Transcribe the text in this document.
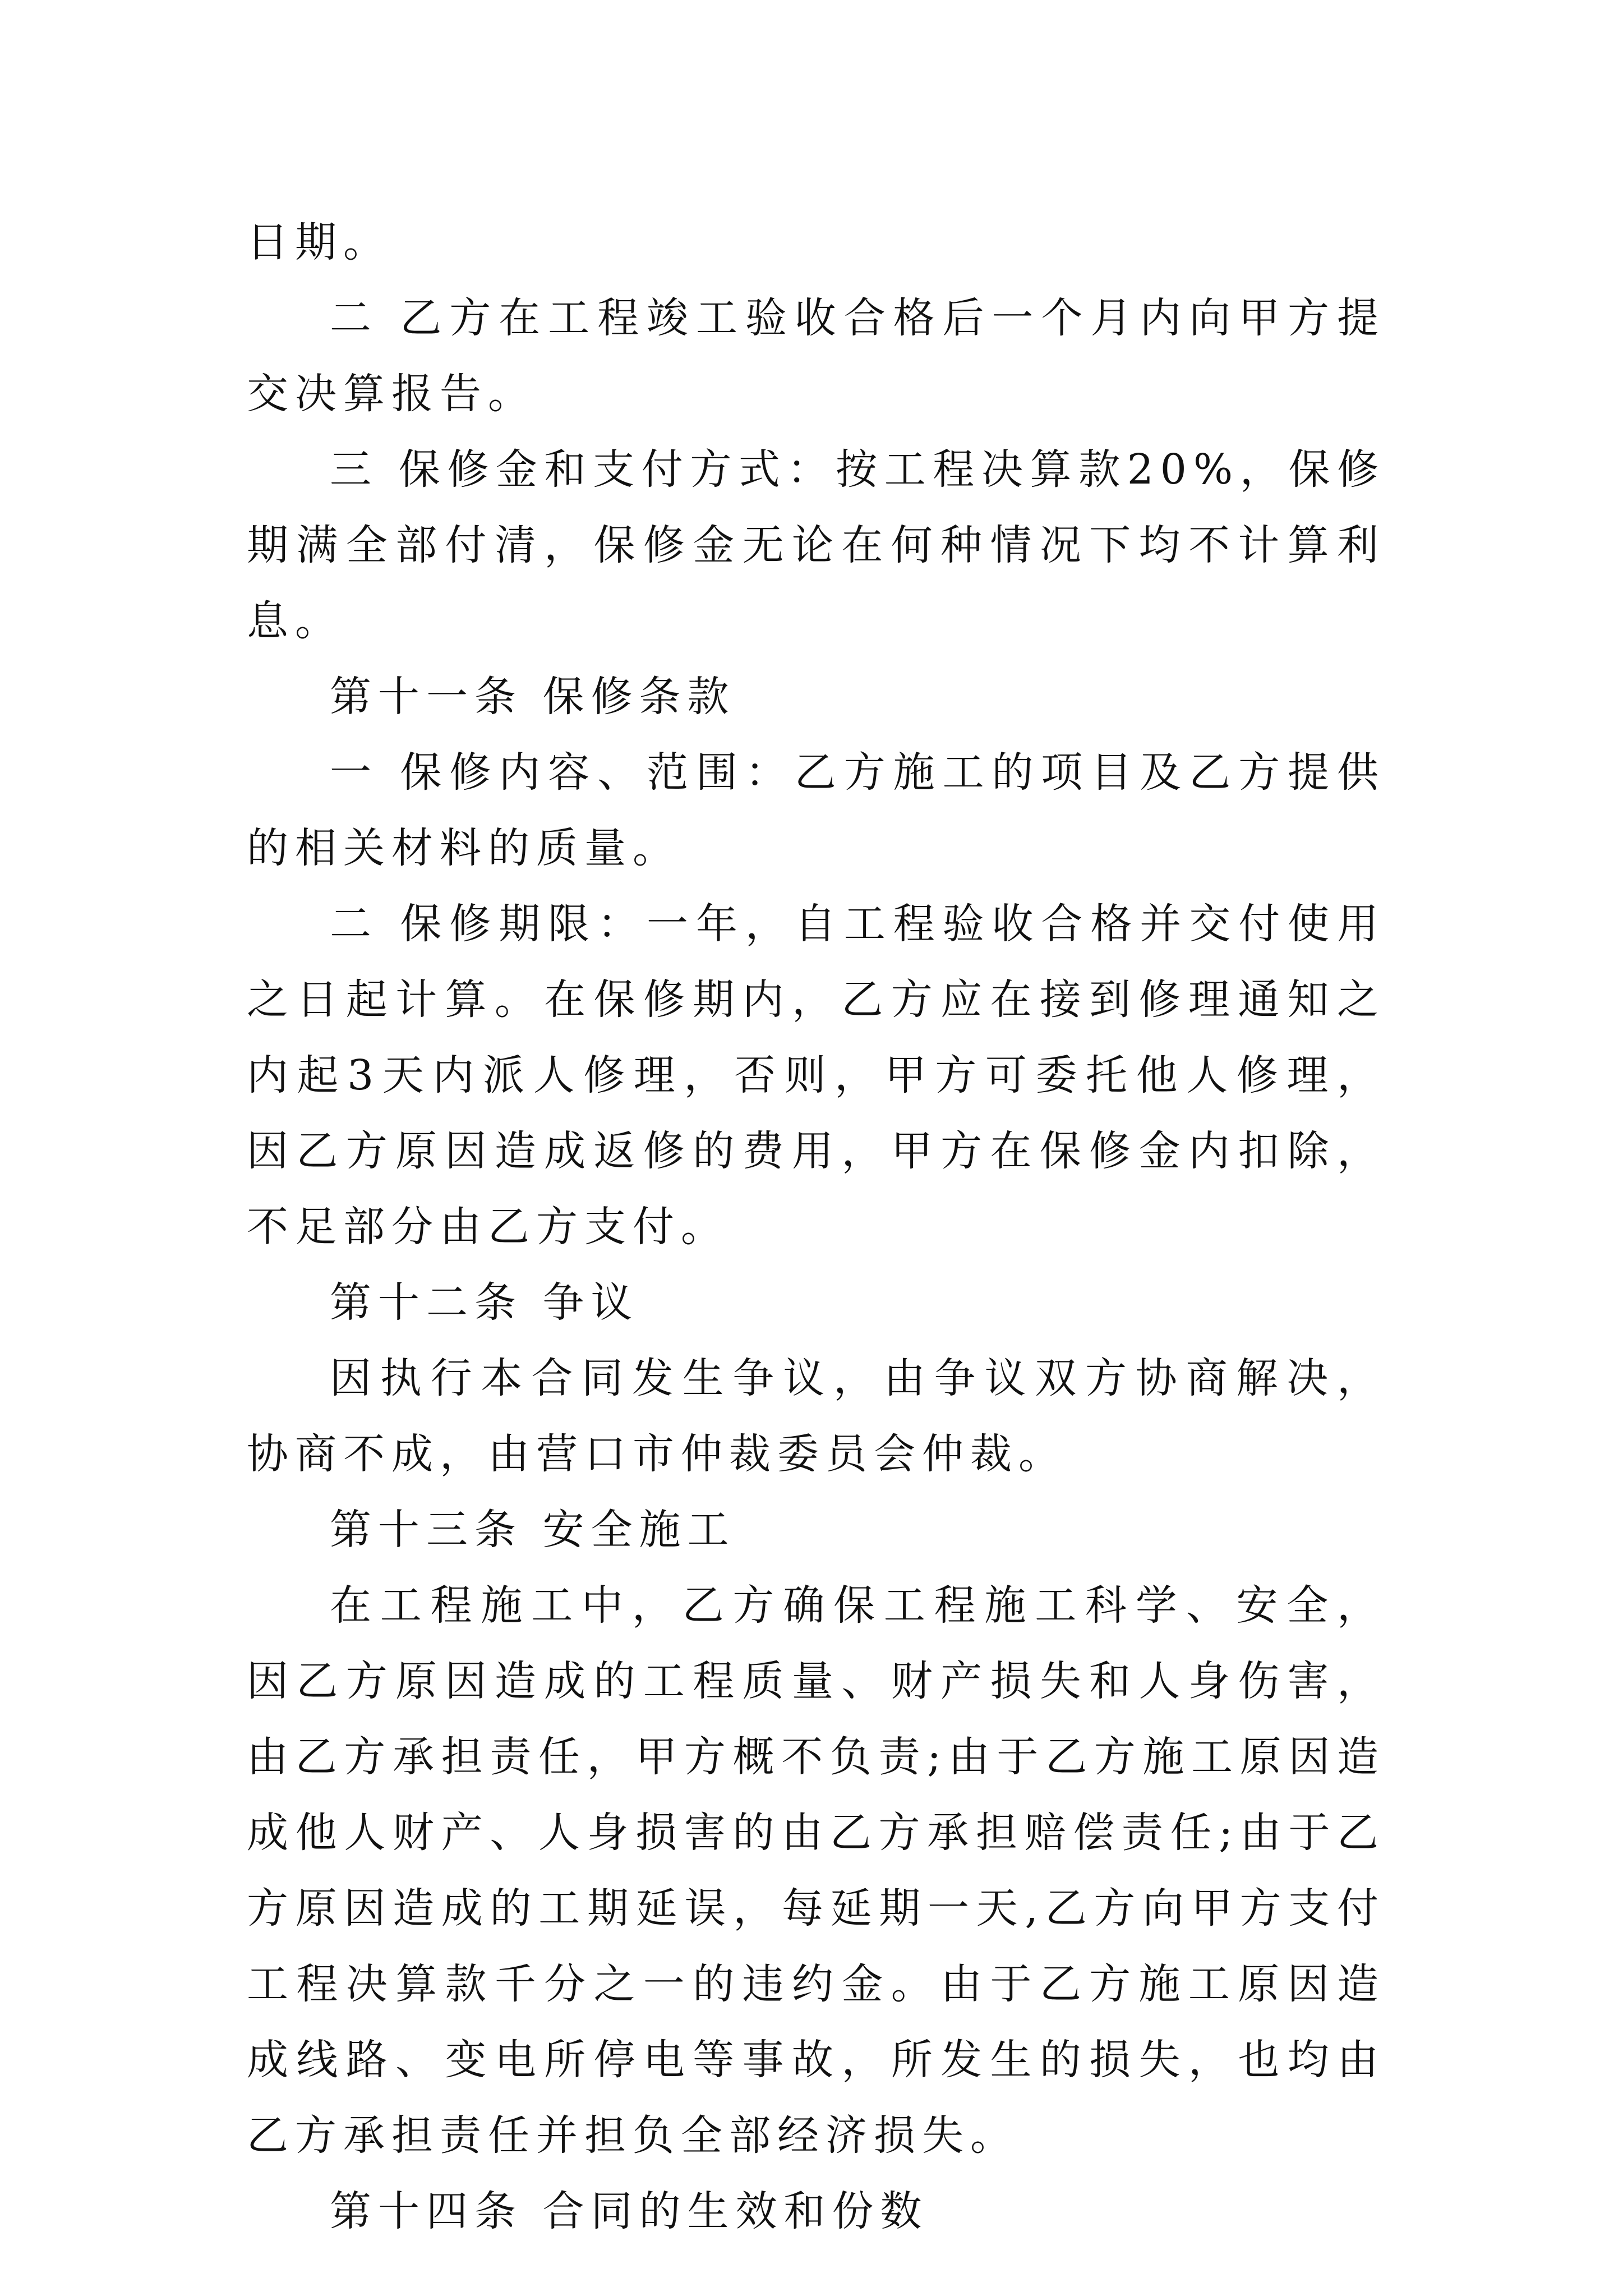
日期。

二 乙方在工程竣工验收合格后一个月内向甲方提交决算报告。

三 保修金和支付方式：按工程决算款20%，保修期满全部付清，保修金无论在何种情况下均不计算利息。

第十一条 保修条款

一 保修内容、范围：乙方施工的项目及乙方提供的相关材料的质量。

二 保修期限：一年，自工程验收合格并交付使用之日起计算。在保修期内，乙方应在接到修理通知之内起3天内派人修理，否则，甲方可委托他人修理，因乙方原因造成返修的费用，甲方在保修金内扣除，不足部分由乙方支付。

第十二条 争议

因执行本合同发生争议，由争议双方协商解决，协商不成，由营口市仲裁委员会仲裁。

第十三条 安全施工

在工程施工中，乙方确保工程施工科学、安全，因乙方原因造成的工程质量、财产损失和人身伤害，由乙方承担责任，甲方概不负责;由于乙方施工原因造成他人财产、人身损害的由乙方承担赔偿责任;由于乙方原因造成的工期延误，每延期一天,乙方向甲方支付工程决算款千分之一的违约金。由于乙方施工原因造成线路、变电所停电等事故，所发生的损失，也均由乙方承担责任并担负全部经济损失。

第十四条 合同的生效和份数
